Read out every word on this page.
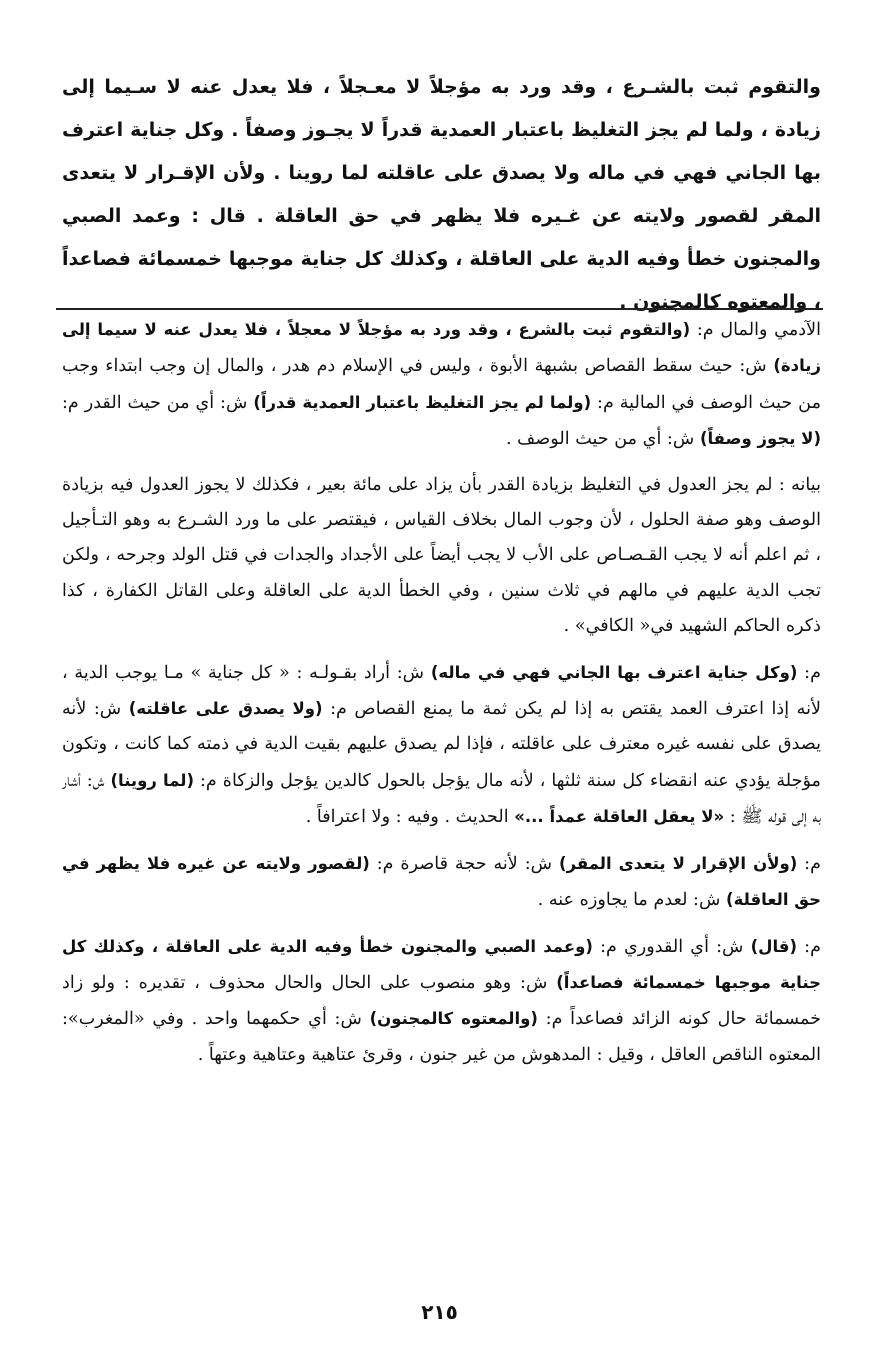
والتقوم ثبت بالشـرع ، وقد ورد به مؤجلاً لا معـجلاً ، فلا يعدل عنه لا سـيما إلى زيادة ، ولما لم يجز التغليظ باعتبار العمدية قدراً لا يجـوز وصفاً . وكل جناية اعترف بها الجاني فهي في ماله ولا يصدق على عاقلته لما روينا . ولأن الإقـرار لا يتعدى المقر لقصور ولايته عن غـيره فلا يظهر في حق العاقلة . قال : وعمد الصبي والمجنون خطأ وفيه الدية على العاقلة ، وكذلك كل جناية موجبها خمسمائة فصاعداً ، والمعتوه كالمجنون .

الآدمي والمال م: (والتقوم ثبت بالشرع ، وقد ورد به مؤجلاً لا معجلاً ، فلا يعدل عنه لا سيما إلى زيادة) ش: حيث سقط القصاص بشبهة الأبوة ، وليس في الإسلام دم هدر ، والمال إن وجب ابتداء وجب من حيث الوصف في المالية م: (ولما لم يجز التغليظ باعتبار العمدية قدراً) ش: أي من حيث القدر م: (لا يجوز وصفاً) ش: أي من حيث الوصف .

بيانه : لم يجز العدول في التغليظ بزيادة القدر بأن يزاد على مائة بعير ، فكذلك لا يجوز العدول فيه بزيادة الوصف وهو صفة الحلول ، لأن وجوب المال بخلاف القياس ، فيقتصر على ما ورد الشـرع به وهو التـأجيل ، ثم اعلم أنه لا يجب القـصـاص على الأب لا يجب أيضاً على الأجداد والجدات في قتل الولد وجرحه ، ولكن تجب الدية عليهم في مالهم في ثلاث سنين ، وفي الخطأ الدية على العاقلة وعلى القاتل الكفارة ، كذا ذكره الحاكم الشهيد في« الكافي» .

م: (وكل جناية اعترف بها الجاني فهي في ماله) ش: أراد بقـولـه : « كل جناية » مـا يوجب الدية ، لأنه إذا اعترف العمد يقتص به إذا لم يكن ثمة ما يمنع القصاص م: (ولا يصدق على عاقلته) ش: لأنه يصدق على نفسه غيره معترف على عاقلته ، فإذا لم يصدق عليهم بقيت الدية في ذمته كما كانت ، وتكون مؤجلة يؤدي عنه انقضاء كل سنة ثلثها ، لأنه مال يؤجل بالحول كالدين يؤجل والزكاة م: (لما روينا) ش: أشار به إلى قوله ﷺ : «لا يعقل العاقلة عمداً ...» الحديث . وفيه : ولا اعترافاً .

م: (ولأن الإقرار لا يتعدى المقر) ش: لأنه حجة قاصرة م: (لقصور ولايته عن غيره فلا يظهر في حق العاقلة) ش: لعدم ما يجاوزه عنه .

م: (قال) ش: أي القدوري م: (وعمد الصبي والمجنون خطأ وفيه الدية على العاقلة ، وكذلك كل جناية موجبها خمسمائة فصاعداً) ش: وهو منصوب على الحال والحال محذوف ، تقديره : ولو زاد خمسمائة حال كونه الزائد فصاعداً م: (والمعتوه كالمجنون) ش: أي حكمهما واحد . وفي «المغرب»: المعتوه الناقص العاقل ، وقيل : المدهوش من غير جنون ، وقرئ عتاهية وعتاهية وعتهاً .

٢١٥
